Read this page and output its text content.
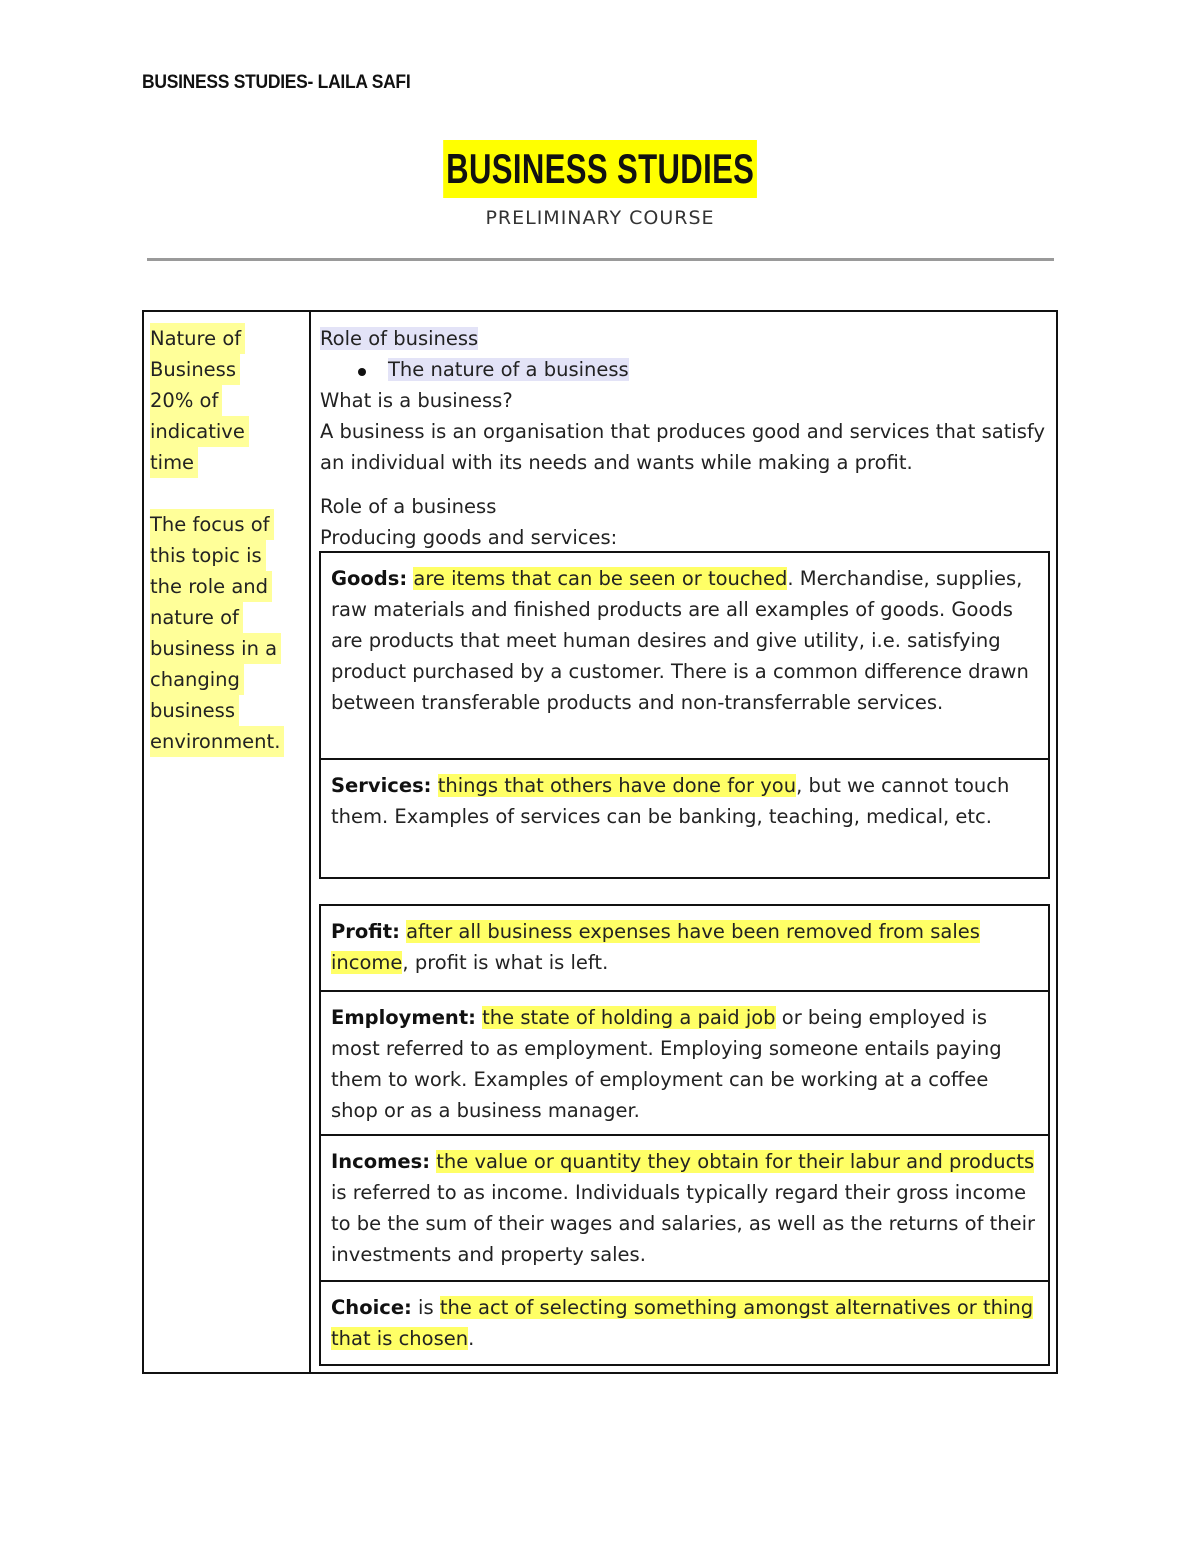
BUSINESS STUDIES- LAILA SAFI
BUSINESS STUDIES
PRELIMINARY COURSE
Nature of
Business
20% of
indicative
time
The focus of
this topic is
the role and
nature of
business in a
changing
business
environment.
Role of business
The nature of a business
What is a business?
A business is an organisation that produces good and services that satisfy an individual with its needs and wants while making a profit.
Role of a business
Producing goods and services:
Goods: are items that can be seen or touched. Merchandise, supplies, raw materials and finished products are all examples of goods. Goods are products that meet human desires and give utility, i.e. satisfying product purchased by a customer. There is a common difference drawn between transferable products and non-transferrable services.
Services: things that others have done for you, but we cannot touch them. Examples of services can be banking, teaching, medical, etc.
Profit: after all business expenses have been removed from sales income, profit is what is left.
Employment: the state of holding a paid job or being employed is most referred to as employment. Employing someone entails paying them to work. Examples of employment can be working at a coffee shop or as a business manager.
Incomes: the value or quantity they obtain for their labur and products is referred to as income. Individuals typically regard their gross income to be the sum of their wages and salaries, as well as the returns of their investments and property sales.
Choice: is the act of selecting something amongst alternatives or thing that is chosen.
